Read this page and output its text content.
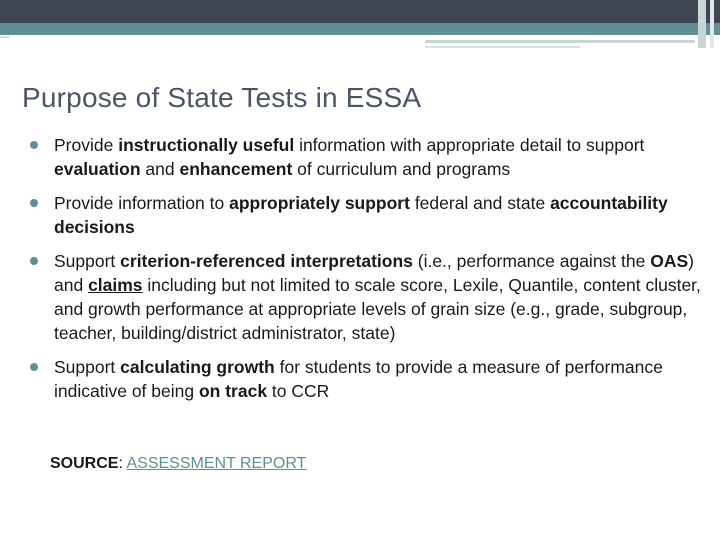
Purpose of State Tests in ESSA
Provide instructionally useful information with appropriate detail to support evaluation and enhancement of curriculum and programs
Provide information to appropriately support federal and state accountability decisions
Support criterion-referenced interpretations (i.e., performance against the OAS) and claims including but not limited to scale score, Lexile, Quantile, content cluster, and growth performance at appropriate levels of grain size (e.g., grade, subgroup, teacher, building/district administrator, state)
Support calculating growth for students to provide a measure of performance indicative of being on track to CCR
SOURCE: ASSESSMENT REPORT
